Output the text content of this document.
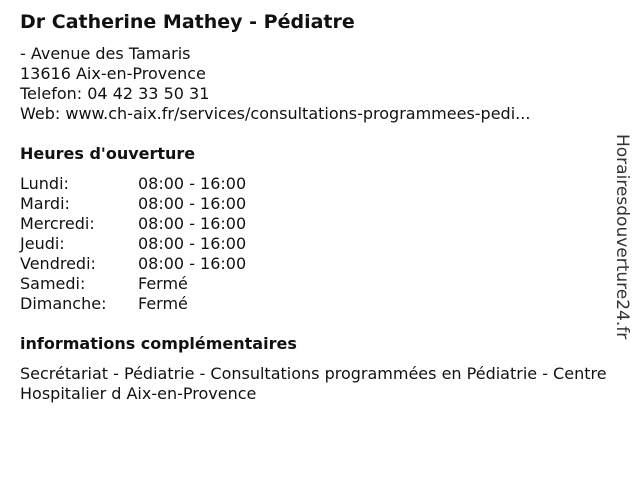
Dr Catherine Mathey - Pédiatre
- Avenue des Tamaris
13616 Aix-en-Provence
Telefon: 04 42 33 50 31
Web: www.ch-aix.fr/services/consultations-programmees-pedi...
Heures d'ouverture
Lundi:	08:00 - 16:00
Mardi:	08:00 - 16:00
Mercredi:	08:00 - 16:00
Jeudi:	08:00 - 16:00
Vendredi:	08:00 - 16:00
Samedi:	Fermé
Dimanche:	Fermé
informations complémentaires
Secrétariat - Pédiatrie - Consultations programmées en Pédiatrie - Centre Hospitalier d Aix-en-Provence
Horairesdouverture24.fr
